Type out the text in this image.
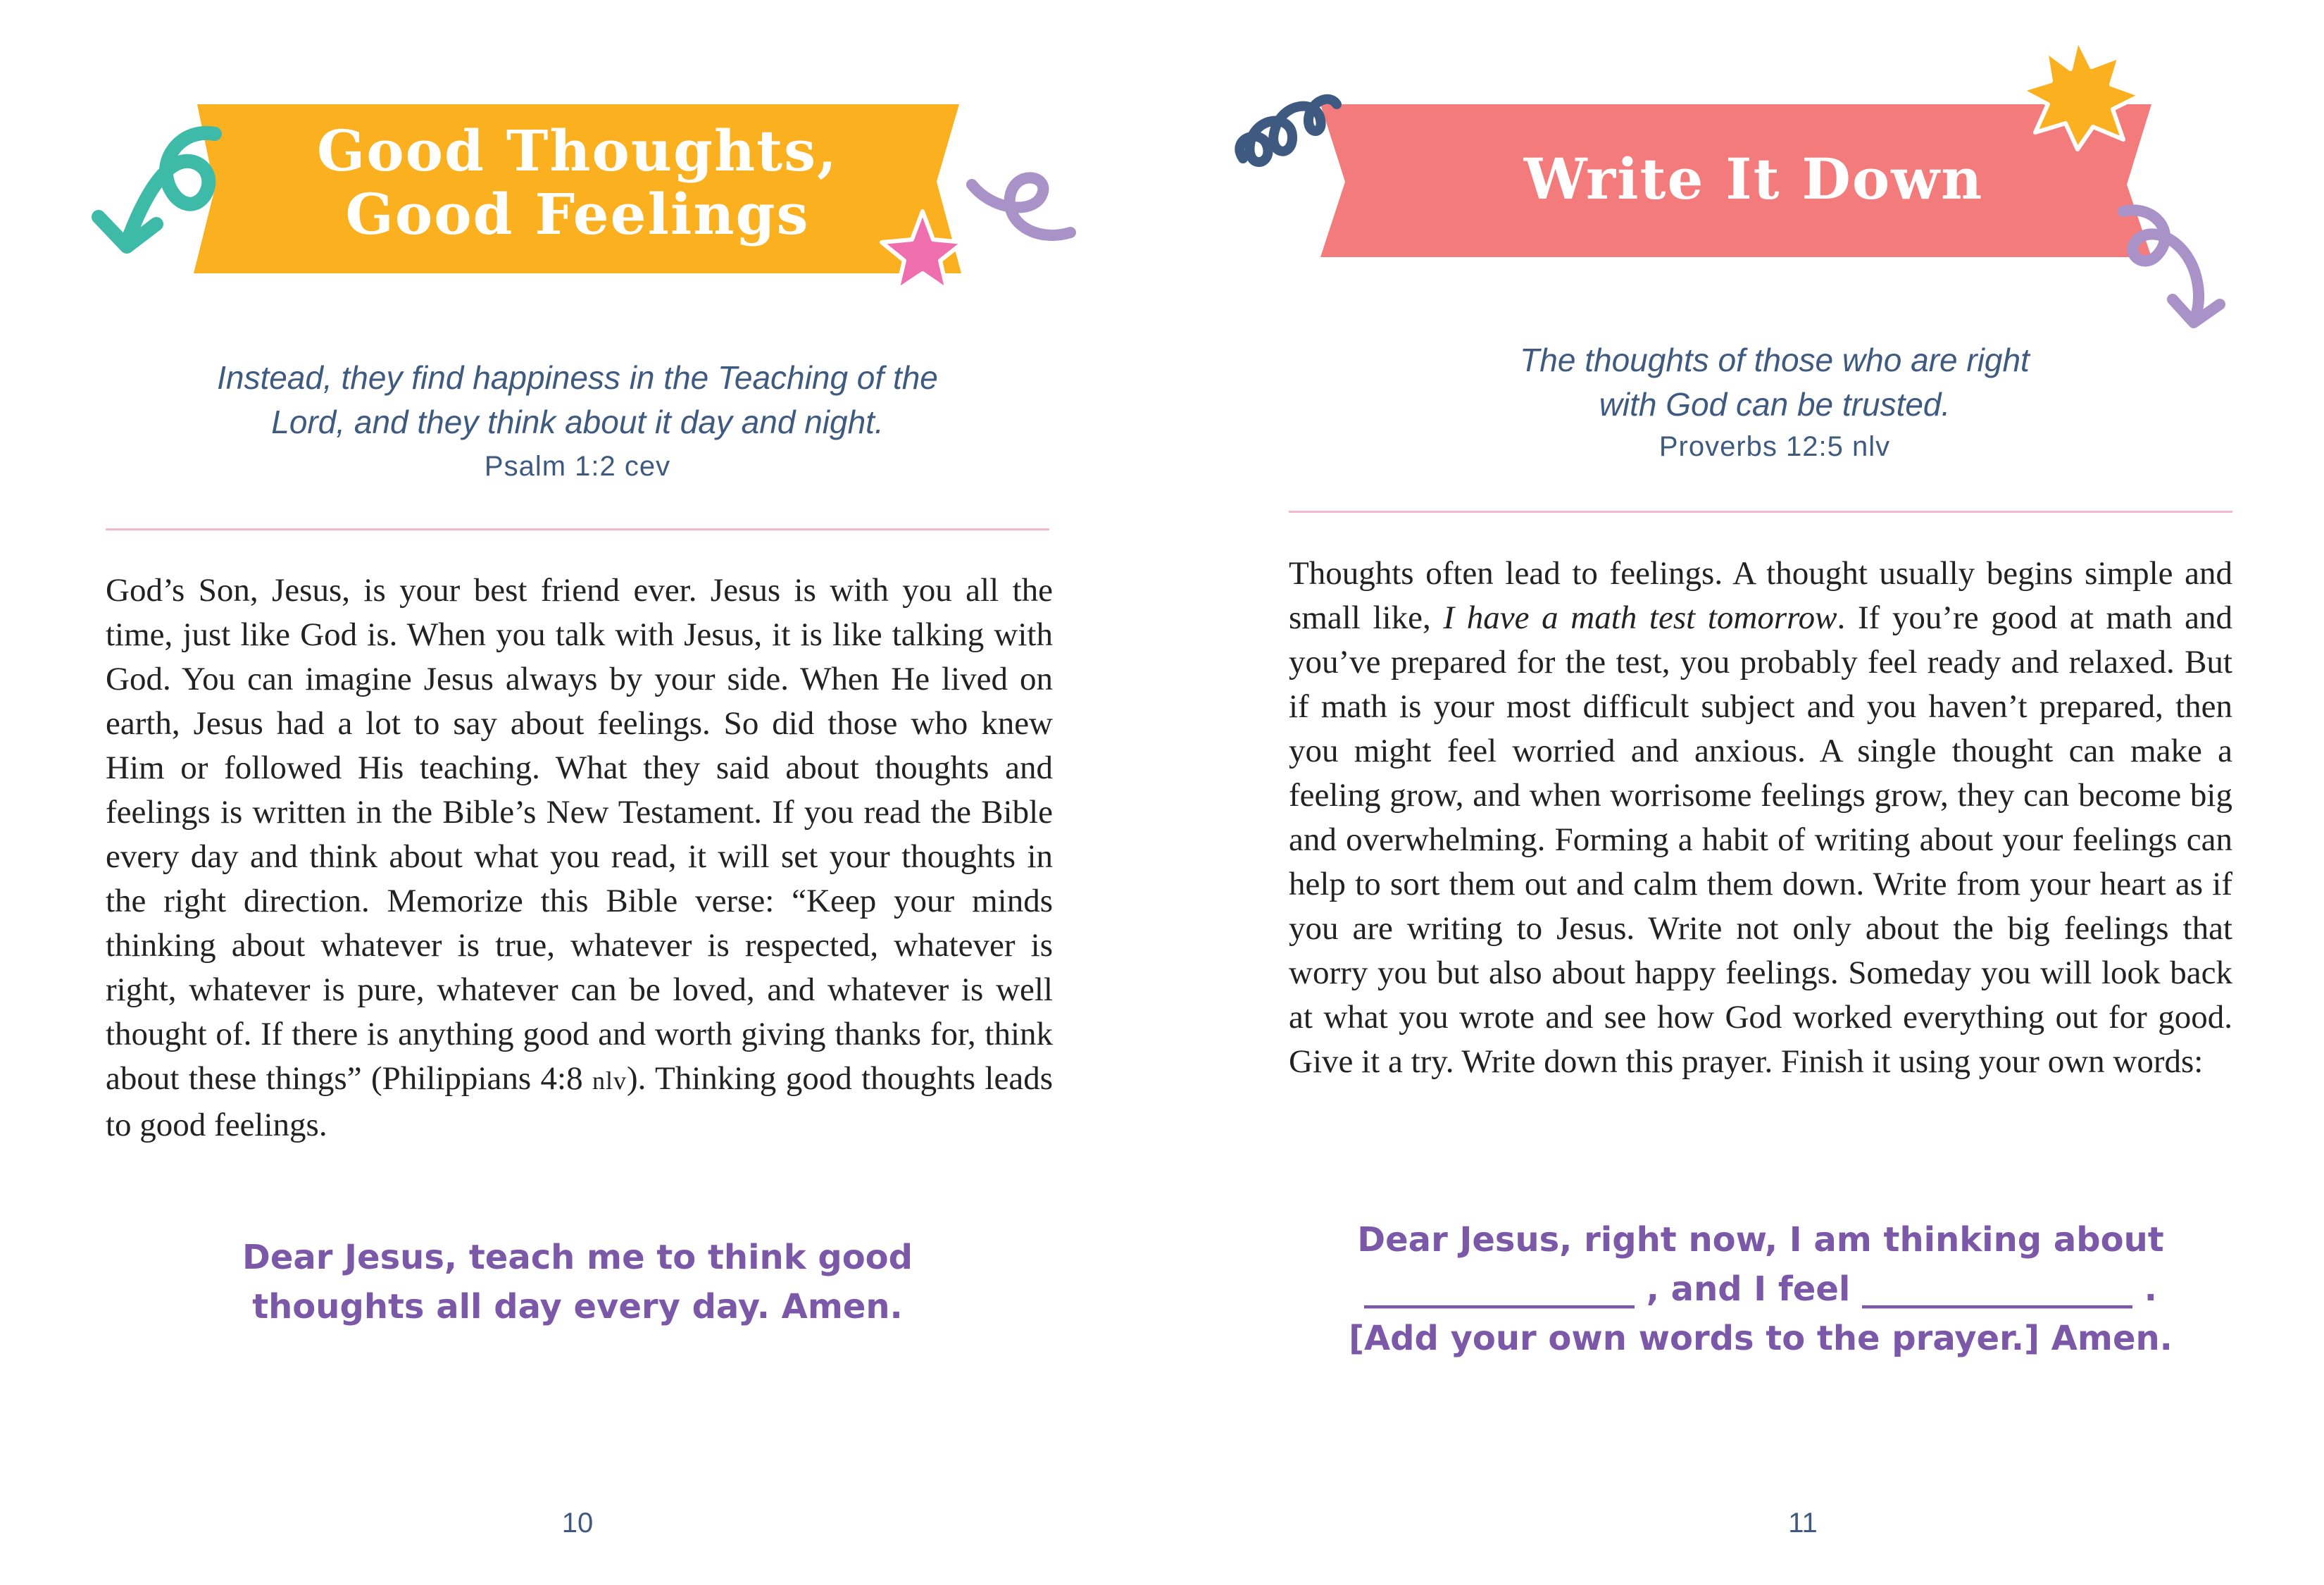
Good Thoughts,
Good Feelings
Instead, they find happiness in the Teaching of the
Lord, and they think about it day and night.
Psalm 1:2 cev
God’s Son, Jesus, is your best friend ever. Jesus is with you all the time, just like God is. When you talk with Jesus, it is like talking with God. You can imagine Jesus always by your side. When He lived on earth, Jesus had a lot to say about feelings. So did those who knew Him or followed His teaching. What they said about thoughts and feelings is written in the Bible’s New Testament. If you read the Bible every day and think about what you read, it will set your thoughts in the right direction. Memorize this Bible verse: “Keep your minds thinking about whatever is true, whatever is respected, whatever is right, whatever is pure, whatever can be loved, and whatever is well thought of. If there is anything good and worth giving thanks for, think about these things” (Philippians 4:8 nlv). Thinking good thoughts leads to good feelings.
Dear Jesus, teach me to think good
thoughts all day every day. Amen.
10
Write It Down
The thoughts of those who are right
with God can be trusted.
Proverbs 12:5 nlv
Thoughts often lead to feelings. A thought usually begins simple and small like, I have a math test tomorrow. If you’re good at math and you’ve prepared for the test, you probably feel ready and relaxed. But if math is your most difficult subject and you haven’t prepared, then you might feel worried and anxious. A single thought can make a feeling grow, and when worrisome feelings grow, they can become big and overwhelming. Forming a habit of writing about your feelings can help to sort them out and calm them down. Write from your heart as if you are writing to Jesus. Write not only about the big feelings that worry you but also about happy feelings. Someday you will look back at what you wrote and see how God worked everything out for good. Give it a try. Write down this prayer. Finish it using your own words:
Dear Jesus, right now, I am thinking about
________________ , and I feel ________________ .
[Add your own words to the prayer.] Amen.
11
